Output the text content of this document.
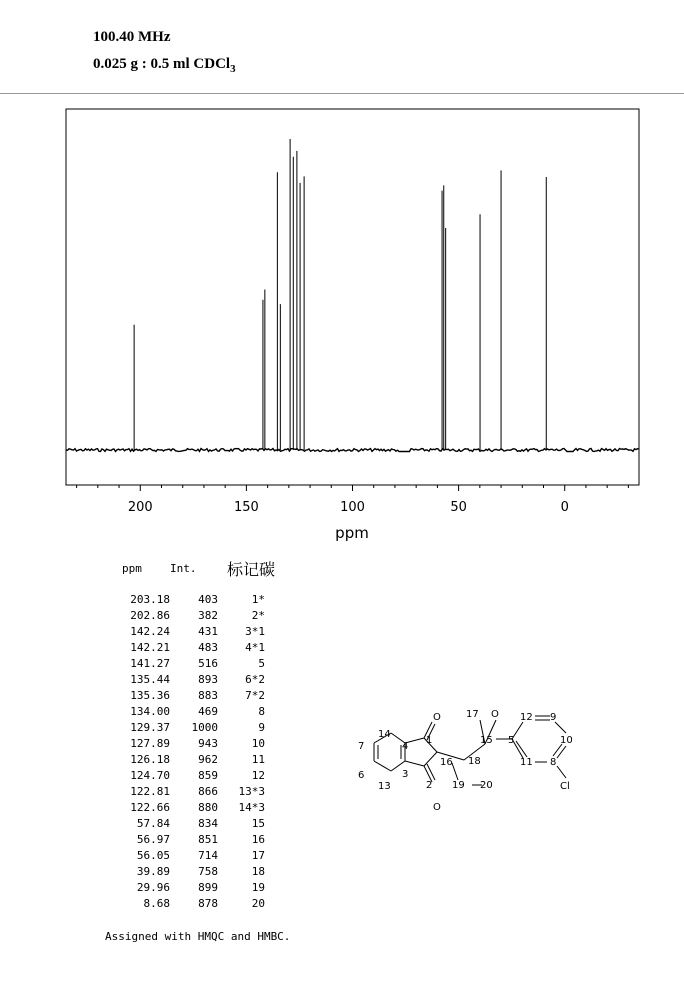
100.40 MHz
0.025 g : 0.5 ml CDCl$_3$
200	150	100	50	0
ppm
ppm	Int. 标记碳
203.18	403	1*
202.86	382	2*
142.24	431 3*1
142.21	483 4*1
141.27	516	5
135.44	893 6*2
135.36	883 7*2
134.00	469	8
129.37 1000	9
127.89	943	10
126.18	962	11
124.70	859	12
122.81	866 13*3
122.66	880 14*3
57.84	834	15
56.97	851	16
56.05	714	17
39.89	758	18
29.96	899	19
8.68	878	20
Assigned with HMQC and HMBC.
14
7
6
13
4
3
1
2
O
O
16 18
19 20
17 O
15 5
12 9
10
11 8
Cl
